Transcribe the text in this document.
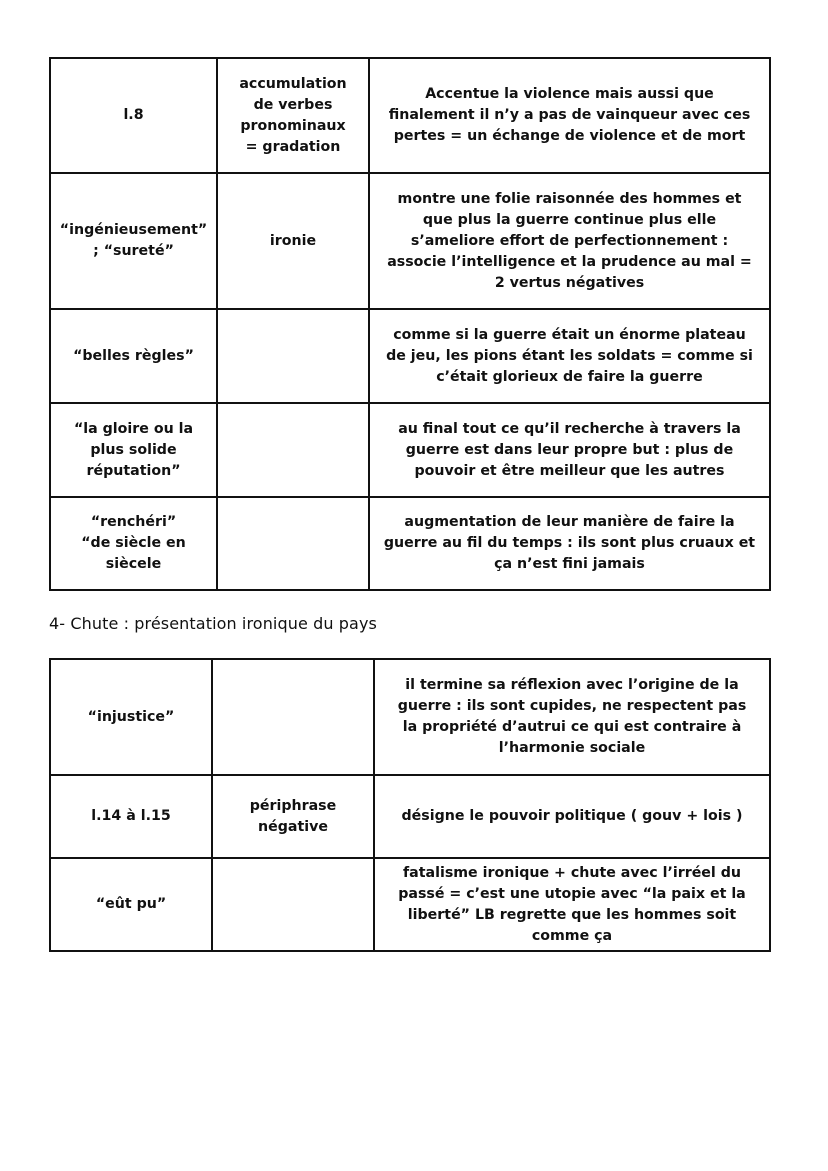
l.8	accumulation de verbes pronominaux = gradation	Accentue la violence mais aussi que finalement il n’y a pas de vainqueur avec ces pertes = un échange de violence et de mort
“ingénieusement” ; “sureté”	ironie	montre une folie raisonnée des hommes et que plus la guerre continue plus elle s’ameliore effort de perfectionnement : associe l’intelligence et la prudence au mal = 2 vertus négatives
“belles règles”		comme si la guerre était un énorme plateau de jeu, les pions étant les soldats = comme si c’était glorieux de faire la guerre
“la gloire ou la plus solide réputation”		au final tout ce qu’il recherche à travers la guerre est dans leur propre but : plus de pouvoir et être meilleur que les autres
“renchéri” “de siècle en siècele		augmentation de leur manière de faire la guerre au fil du temps : ils sont plus cruaux et ça n’est fini jamais
4- Chute : présentation ironique du pays
“injustice”		il termine sa réflexion avec l’origine de la guerre : ils sont cupides, ne respectent pas la propriété d’autrui ce qui est contraire à l’harmonie sociale
l.14 à l.15	périphrase négative	désigne le pouvoir politique ( gouv + lois )
“eût pu”		fatalisme ironique + chute avec l’irréel du passé = c’est une utopie avec “la paix et la liberté” LB regrette que les hommes soit comme ça
